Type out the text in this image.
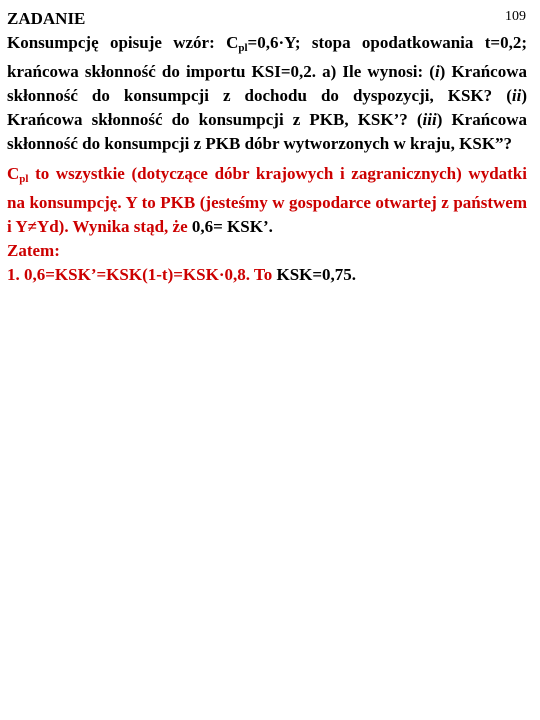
109
ZADANIE
Konsumpcję opisuje wzór: $C_{pl}=0,6\cdot Y$; stopa opodatkowania t=0,2; krańcowa skłonność do importu KSI=0,2. a) Ile wynosi: (i) Krańcowa skłonność do konsumpcji z dochodu do dyspozycji, KSK? (ii) Krańcowa skłonność do konsumpcji z PKB, KSK’? (iii) Krańcowa skłonność do konsumpcji z PKB dóbr wytworzonych w kraju, KSK”?
$C_{pl}$ to wszystkie (dotyczące dóbr krajowych i zagranicznych) wydatki na konsumpcję. Y to PKB (jesteśmy w gospodarce otwartej z państwem i Y≠Yd). Wynika stąd, że 0,6= KSK’.
Zatem:
1. 0,6=KSK’=KSK(1-t)=KSK·0,8. To KSK=0,75.
